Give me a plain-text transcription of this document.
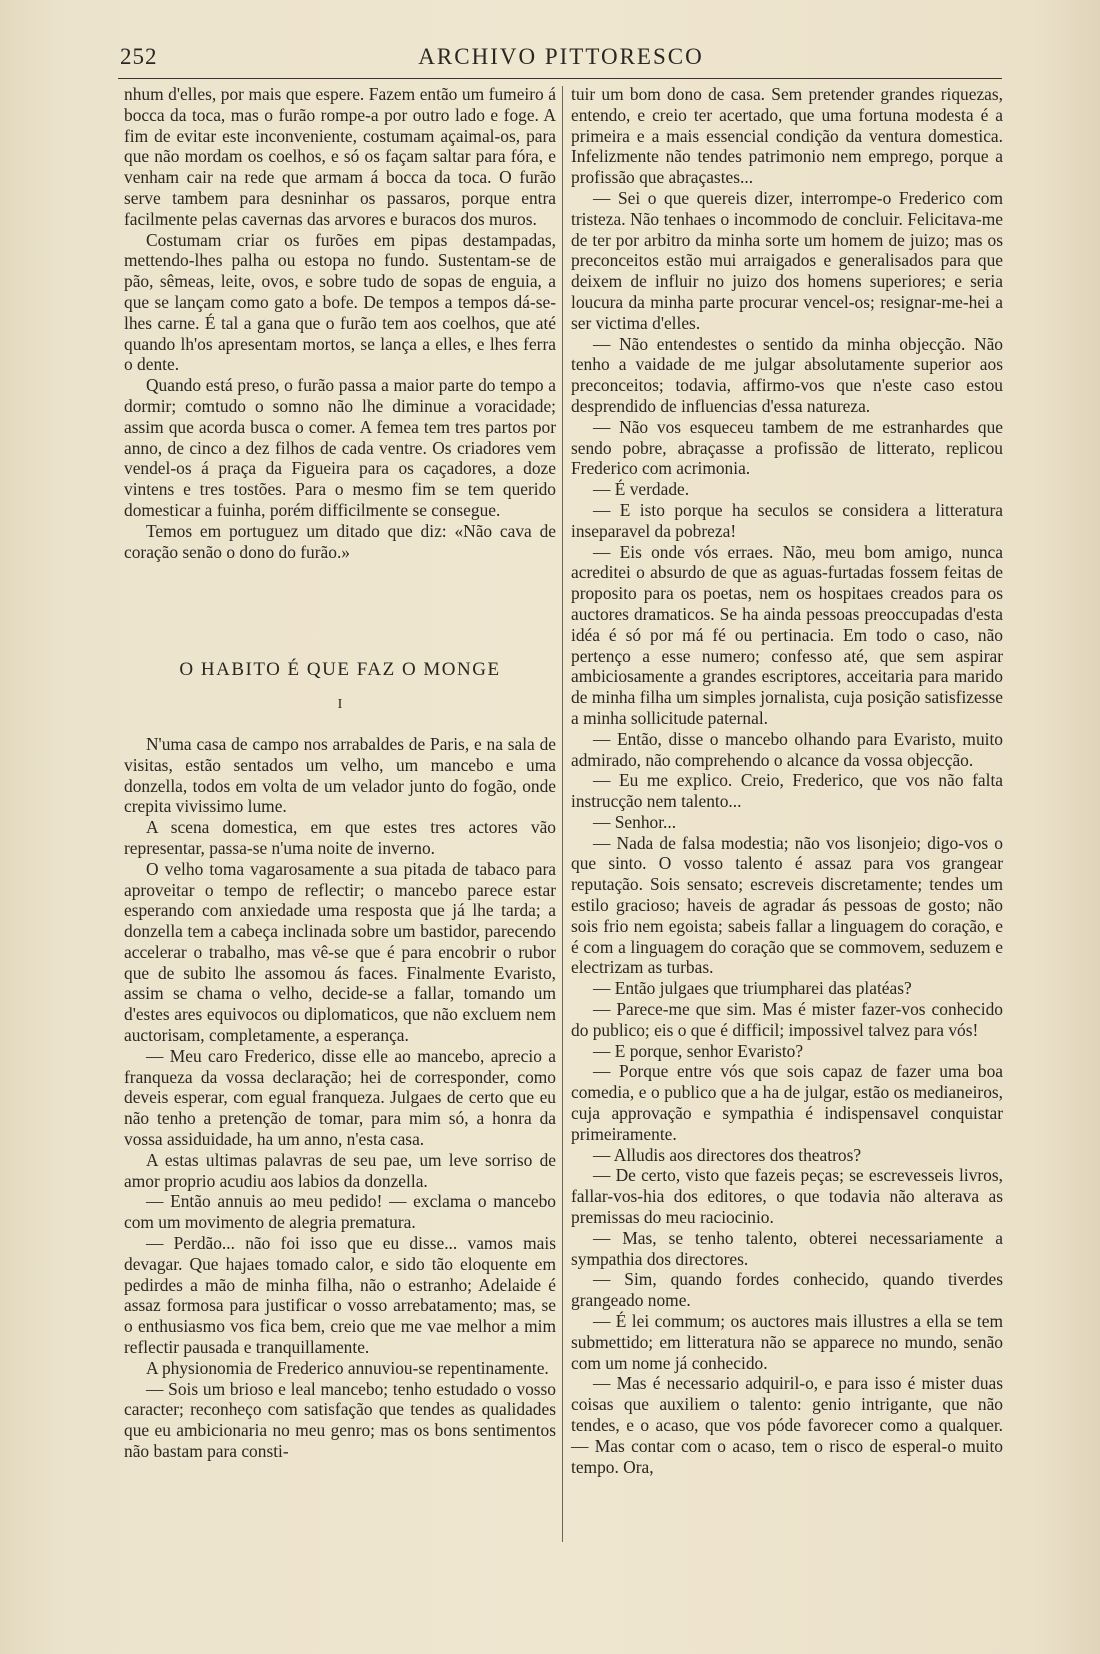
252	ARCHIVO PITTORESCO

nhum d'elles, por mais que espere. Fazem então um fumeiro á bocca da toca, mas o furão rompe-a por outro lado e foge. A fim de evitar este inconveniente, costumam açaimal-os, para que não mordam os coelhos, e só os façam saltar para fóra, e venham cair na rede que armam á bocca da toca. O furão serve tambem para desninhar os passaros, porque entra facilmente pelas cavernas das arvores e buracos dos muros.

Costumam criar os furões em pipas destampadas, mettendo-lhes palha ou estopa no fundo. Sustentam-se de pão, sêmeas, leite, ovos, e sobre tudo de sopas de enguia, a que se lançam como gato a bofe. De tempos a tempos dá-se-lhes carne. É tal a gana que o furão tem aos coelhos, que até quando lh'os apresentam mortos, se lança a elles, e lhes ferra o dente.

Quando está preso, o furão passa a maior parte do tempo a dormir; comtudo o somno não lhe diminue a voracidade; assim que acorda busca o comer. A femea tem tres partos por anno, de cinco a dez filhos de cada ventre. Os criadores vem vendel-os á praça da Figueira para os caçadores, a doze vintens e tres tostões. Para o mesmo fim se tem querido domesticar a fuinha, porém difficilmente se consegue.

Temos em portuguez um ditado que diz: «Não cava de coração senão o dono do furão.»

O HABITO É QUE FAZ O MONGE
I

N'uma casa de campo nos arrabaldes de Paris, e na sala de visitas, estão sentados um velho, um mancebo e uma donzella, todos em volta de um velador junto do fogão, onde crepita vivissimo lume.

A scena domestica, em que estes tres actores vão representar, passa-se n'uma noite de inverno.

O velho toma vagarosamente a sua pitada de tabaco para aproveitar o tempo de reflectir; o mancebo parece estar esperando com anxiedade uma resposta que já lhe tarda; a donzella tem a cabeça inclinada sobre um bastidor, parecendo accelerar o trabalho, mas vê-se que é para encobrir o rubor que de subito lhe assomou ás faces. Finalmente Evaristo, assim se chama o velho, decide-se a fallar, tomando um d'estes ares equivocos ou diplomaticos, que não excluem nem auctorisam, completamente, a esperança.

— Meu caro Frederico, disse elle ao mancebo, aprecio a franqueza da vossa declaração; hei de corresponder, como deveis esperar, com egual franqueza. Julgaes de certo que eu não tenho a pretenção de tomar, para mim só, a honra da vossa assiduidade, ha um anno, n'esta casa.

A estas ultimas palavras de seu pae, um leve sorriso de amor proprio acudiu aos labios da donzella.

— Então annuis ao meu pedido! — exclama o mancebo com um movimento de alegria prematura.

— Perdão... não foi isso que eu disse... vamos mais devagar. Que hajaes tomado calor, e sido tão eloquente em pedirdes a mão de minha filha, não o estranho; Adelaide é assaz formosa para justificar o vosso arrebatamento; mas, se o enthusiasmo vos fica bem, creio que me vae melhor a mim reflectir pausada e tranquillamente.

A physionomia de Frederico annuviou-se repentinamente.

— Sois um brioso e leal mancebo; tenho estudado o vosso caracter; reconheço com satisfação que tendes as qualidades que eu ambicionaria no meu genro; mas os bons sentimentos não bastam para consti-

tuir um bom dono de casa. Sem pretender grandes riquezas, entendo, e creio ter acertado, que uma fortuna modesta é a primeira e a mais essencial condição da ventura domestica. Infelizmente não tendes patrimonio nem emprego, porque a profissão que abraçastes...

— Sei o que quereis dizer, interrompe-o Frederico com tristeza. Não tenhaes o incommodo de concluir. Felicitava-me de ter por arbitro da minha sorte um homem de juizo; mas os preconceitos estão mui arraigados e generalisados para que deixem de influir no juizo dos homens superiores; e seria loucura da minha parte procurar vencel-os; resignar-me-hei a ser victima d'elles.

— Não entendestes o sentido da minha objecção. Não tenho a vaidade de me julgar absolutamente superior aos preconceitos; todavia, affirmo-vos que n'este caso estou desprendido de influencias d'essa natureza.

— Não vos esqueceu tambem de me estranhardes que sendo pobre, abraçasse a profissão de litterato, replicou Frederico com acrimonia.

— É verdade.

— E isto porque ha seculos se considera a litteratura inseparavel da pobreza!

— Eis onde vós erraes. Não, meu bom amigo, nunca acreditei o absurdo de que as aguas-furtadas fossem feitas de proposito para os poetas, nem os hospitaes creados para os auctores dramaticos. Se ha ainda pessoas preoccupadas d'esta idéa é só por má fé ou pertinacia. Em todo o caso, não pertenço a esse numero; confesso até, que sem aspirar ambiciosamente a grandes escriptores, acceitaria para marido de minha filha um simples jornalista, cuja posição satisfizesse a minha sollicitude paternal.

— Então, disse o mancebo olhando para Evaristo, muito admirado, não comprehendo o alcance da vossa objecção.

— Eu me explico. Creio, Frederico, que vos não falta instrucção nem talento...

— Senhor...

— Nada de falsa modestia; não vos lisonjeio; digo-vos o que sinto. O vosso talento é assaz para vos grangear reputação. Sois sensato; escreveis discretamente; tendes um estilo gracioso; haveis de agradar ás pessoas de gosto; não sois frio nem egoista; sabeis fallar a linguagem do coração, e é com a linguagem do coração que se commovem, seduzem e electrizam as turbas.

— Então julgaes que triumpharei das platéas?

— Parece-me que sim. Mas é mister fazer-vos conhecido do publico; eis o que é difficil; impossivel talvez para vós!

— E porque, senhor Evaristo?

— Porque entre vós que sois capaz de fazer uma boa comedia, e o publico que a ha de julgar, estão os medianeiros, cuja approvação e sympathia é indispensavel conquistar primeiramente.

— Alludis aos directores dos theatros?

— De certo, visto que fazeis peças; se escrevesseis livros, fallar-vos-hia dos editores, o que todavia não alterava as premissas do meu raciocinio.

— Mas, se tenho talento, obterei necessariamente a sympathia dos directores.

— Sim, quando fordes conhecido, quando tiverdes grangeado nome.

— É lei commum; os auctores mais illustres a ella se tem submettido; em litteratura não se apparece no mundo, senão com um nome já conhecido.

— Mas é necessario adquiril-o, e para isso é mister duas coisas que auxiliem o talento: genio intrigante, que não tendes, e o acaso, que vos póde favorecer como a qualquer. — Mas contar com o acaso, tem o risco de esperal-o muito tempo. Ora,
